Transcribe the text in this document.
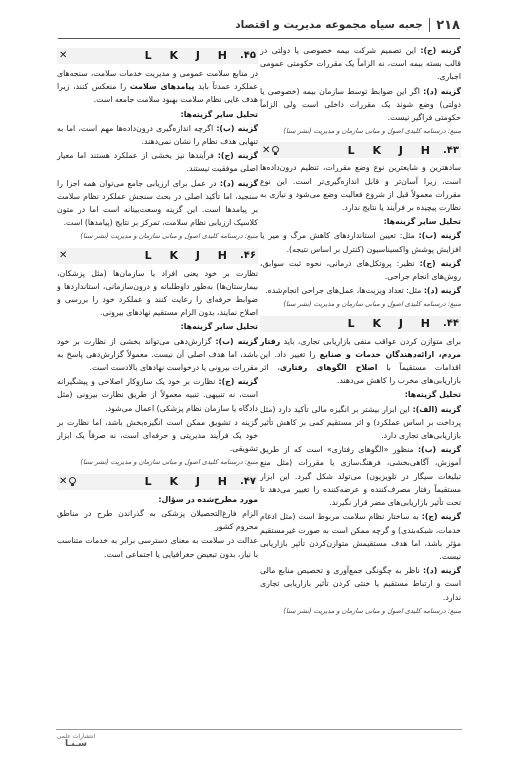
۲۱۸
جعبه سیاه مجموعه مدیریت و اقتصاد

گزینه (ج): این تصمیم شرکت بیمه خصوصی یا دولتی در قالب بسته بیمه است، نه الزاماً یک مقررات حکومتی عمومی اجباری.

گزینه (د): اگر این ضوابط توسط سازمان بیمه (خصوصی یا دولتی) وضع شوند یک مقررات داخلی است ولی الزاماً حکومتی فراگیر نیست.

منبع: درسنامه کلیدی اصول و مبانی سازمان و مدیریت (نشر سنا)

۴۳.
L K J H
✕

سادهترین و شایعترین نوع وضع مقررات، تنظیم درون‌داده‌ها است، زیرا آسان‌تر و قابل اندازه‌گیری‌تر است. این نوع مقررات معمولاً قبل از شروع فعالیت وضع می‌شود و نیازی به نظارت پیچیده بر فرآیند یا نتایج ندارد.

تحلیل سایر گزینه‌ها:

گزینه (ب): مثل: تعیین استانداردهای کاهش مرگ و میر یا افزایش پوشش واکسیناسیون (کنترل بر اساس نتیجه).

گزینه (ج): نظیر: پروتکل‌های درمانی، نحوه ثبت سوابق، روش‌های انجام جراحی.

گزینه (د): مثل: تعداد ویزیت‌ها، عمل‌های جراحی انجام‌شده.

منبع: درسنامه کلیدی اصول و مبانی سازمان و مدیریت (نشر سنا)

۴۴.
L K J H

برای متوازن کردن عواقب منفی بازاریابی تجاری، باید رفتار مردم، ارائه‌دهندگان خدمات و صنایع را تغییر داد. این اقدامات مستقیماً با اصلاح الگوهای رفتاری، اثر بازاریابی‌های مخرب را کاهش می‌دهند.

تحلیل گزینه‌ها:

گزینه (الف): این ابزار بیشتر بر انگیزه مالی تأکید دارد (مثل پرداخت بر اساس عملکرد) و اثر مستقیم کمی بر کاهش تأثیر بازاریابی‌های تجاری دارد.

گزینه (ب): منظور «الگوهای رفتاری» است که از طریق آموزش، آگاهی‌بخشی، فرهنگ‌سازی یا مقررات (مثل منع تبلیغات سیگار در تلویزیون) می‌تولد شکل گیرد. این ابزار مستقیماً رفتار مصرف‌کننده و عرضه‌کننده را تغییر می‌دهد تا تحت تأثیر بازاریابی‌های مضر قرار نگیرند.

گزینه (ج): به ساختار نظام سلامت مربوط است (مثل ادغام خدمات، شبکه‌بندی) و گرچه ممکن است به صورت غیرمستقیم مؤثر باشد، اما هدف مستقیمش متوازن‌کردن تأثیر بازاریابی نیست.

گزینه (د): ناظر به چگونگی جمع‌آوری و تخصیص منابع مالی است و ارتباط مستقیم یا خنثی کردن تأثیر بازاریابی تجاری ندارد.

منبع: درسنامه کلیدی اصول و مبانی سازمان و مدیریت (نشر سنا)

۴۵.
L K J H
✕

در منابع سلامت عمومی و مدیریت خدمات سلامت، سنجه‌های عملکرد عمدتاً باید پیامدهای سلامت را منعکس کنند، زیرا هدف غایی نظام سلامت بهبود سلامت جامعه است.

تحلیل سایر گزینه‌ها:

گزینه (ب): اگرچه اندازه‌گیری درون‌داده‌ها مهم است، اما به تنهایی هدف نظام را نشان نمی‌دهند.

گزینه (ج): فرآیندها نیز بخشی از عملکرد هستند اما معیار اصلی موفقیت نیستند.

گزینه (د): در عمل برای ارزیابی جامع می‌توان همه اجزا را سنجید، اما تأکید اصلی در بحث سنجش عملکرد نظام سلامت بر پیامدها است. این گزینه وسعت‌بینانه است اما در متون کلاسیک ارزیابی نظام سلامت، تمرکز بر نتایج (پیامدها) است.

منبع: درسنامه کلیدی اصول و مبانی سازمان و مدیریت (نشر سنا)

۴۶.
L K J H
✕

نظارت بر خود یعنی افراد یا سازمان‌ها (مثل پزشکان، بیمارستان‌ها) به‌طور داوطلبانه و درون‌سازمانی، استانداردها و ضوابط حرفه‌ای را رعایت کنند و عملکرد خود را بررسی و اصلاح نمایند، بدون الزام مستقیم نهادهای بیرونی.

تحلیل سایر گزینه‌ها:

گزینه (ب): گزارش‌دهی می‌تواند بخشی از نظارت بر خود باشد، اما هدف اصلی آن نیست. معمولاً گزارش‌دهی پاسخ به مقررات بیرونی یا درخواست نهادهای بالادست است.

گزینه (ج): نظارت بر خود یک سازوکار اصلاحی و پیشگیرانه است، نه تنبیهی. تنبیه معمولاً از طریق نظارت بیرونی (مثل دادگاه یا سازمان نظام پزشکی) اعمال می‌شود.

گزینه د تشویق ممکن است انگیزه‌بخش باشد، اما نظارت بر خود یک فرآیند مدیریتی و حرفه‌ای است، نه صرفاً یک ابزار تشویقی.

منبع: درسنامه کلیدی اصول و مبانی سازمان و مدیریت (نشر سنا)

۴۷.
L K J H
✕

مورد مطرح‌شده در سؤال:

الزام فارغ‌التحصیلان پزشکی به گذراندن طرح در مناطق محروم کشور

عدالت در سلامت به معنای دسترسی برابر به خدمات متناسب با نیاز، بدون تبعیض جغرافیایی یا اجتماعی است.

انتشارات علمی
سـنـا
